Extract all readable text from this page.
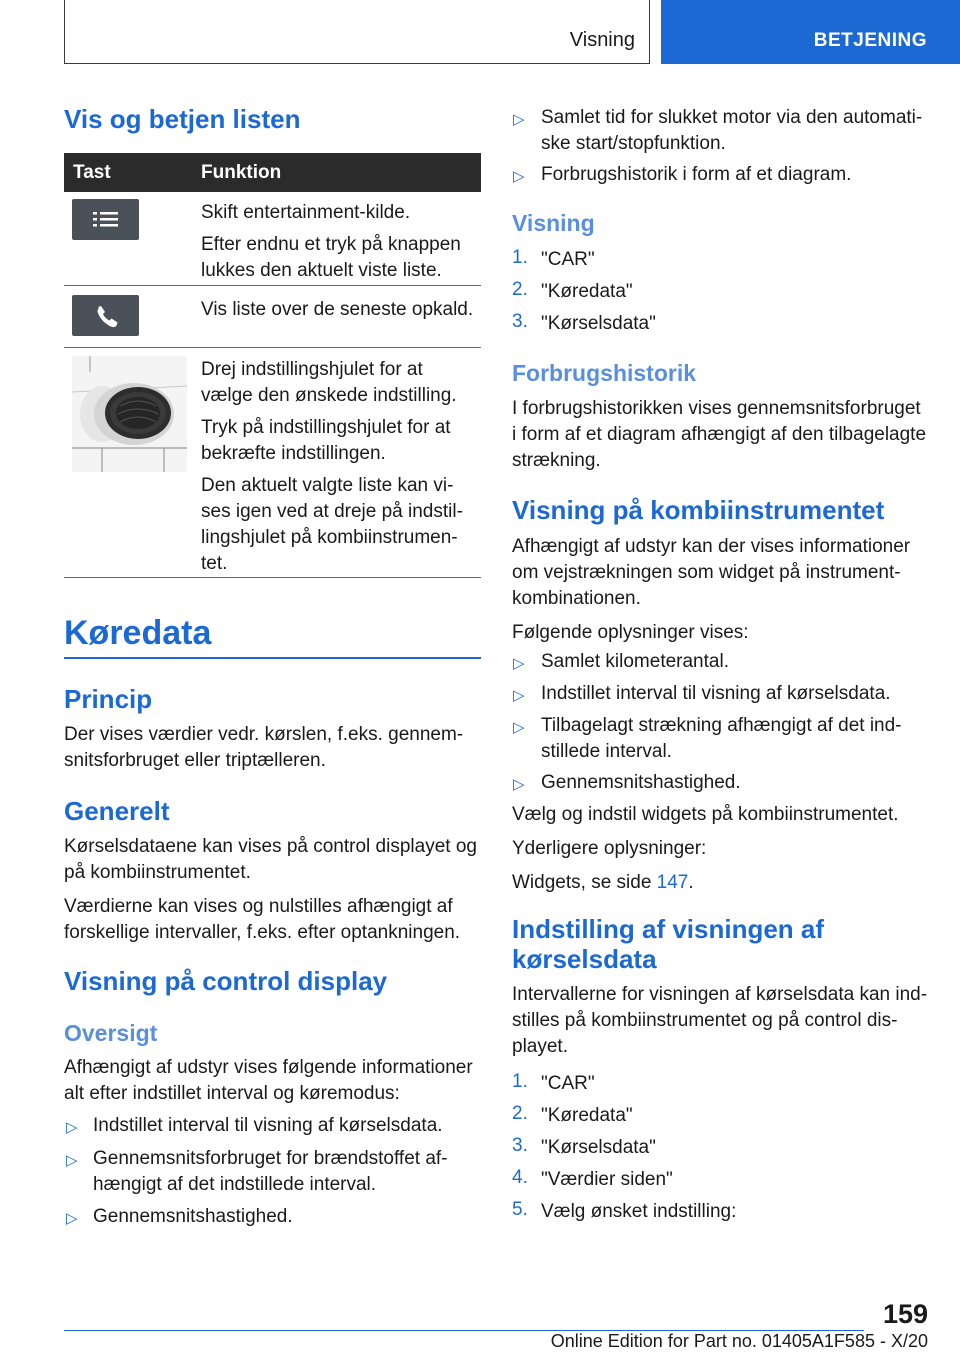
Visning	BETJENING
Vis og betjen listen
Tast	Funktion
Skift entertainment-kilde.
Efter endnu et tryk på knappen
lukkes den aktuelt viste liste.
Vis liste over de seneste opkald.
Drej indstillingshjulet for at
vælge den ønskede indstilling.
Tryk på indstillingshjulet for at
bekræfte indstillingen.
Den aktuelt valgte liste kan vi-
ses igen ved at dreje på indstil-
lingshjulet på kombiinstrumen-
tet.
Køredata
Princip
Der vises værdier vedr. kørslen, f.eks. gennem-
snitsforbruget eller triptælleren.
Generelt
Kørselsdataene kan vises på control displayet og
på kombiinstrumentet.
Værdierne kan vises og nulstilles afhængigt af
forskellige intervaller, f.eks. efter optankningen.
Visning på control display
Oversigt
Afhængigt af udstyr vises følgende informationer
alt efter indstillet interval og køremodus:
▷ Indstillet interval til visning af kørselsdata.
▷ Gennemsnitsforbruget for brændstoffet af-
hængigt af det indstillede interval.
▷ Gennemsnitshastighed.
▷ Samlet tid for slukket motor via den automati-
ske start/stopfunktion.
▷ Forbrugshistorik i form af et diagram.
Visning
1. "CAR"
2. "Køredata"
3. "Kørselsdata"
Forbrugshistorik
I forbrugshistorikken vises gennemsnitsforbruget
i form af et diagram afhængigt af den tilbagelagte
strækning.
Visning på kombiinstrumentet
Afhængigt af udstyr kan der vises informationer
om vejstrækningen som widget på instrument-
kombinationen.
Følgende oplysninger vises:
▷ Samlet kilometerantal.
▷ Indstillet interval til visning af kørselsdata.
▷ Tilbagelagt strækning afhængigt af det ind-
stillede interval.
▷ Gennemsnitshastighed.
Vælg og indstil widgets på kombiinstrumentet.
Yderligere oplysninger:
Widgets, se side 147.
Indstilling af visningen af
kørselsdata
Intervallerne for visningen af kørselsdata kan ind-
stilles på kombiinstrumentet og på control dis-
playet.
1. "CAR"
2. "Køredata"
3. "Kørselsdata"
4. "Værdier siden"
5. Vælg ønsket indstilling:
159
Online Edition for Part no. 01405A1F585 - X/20
